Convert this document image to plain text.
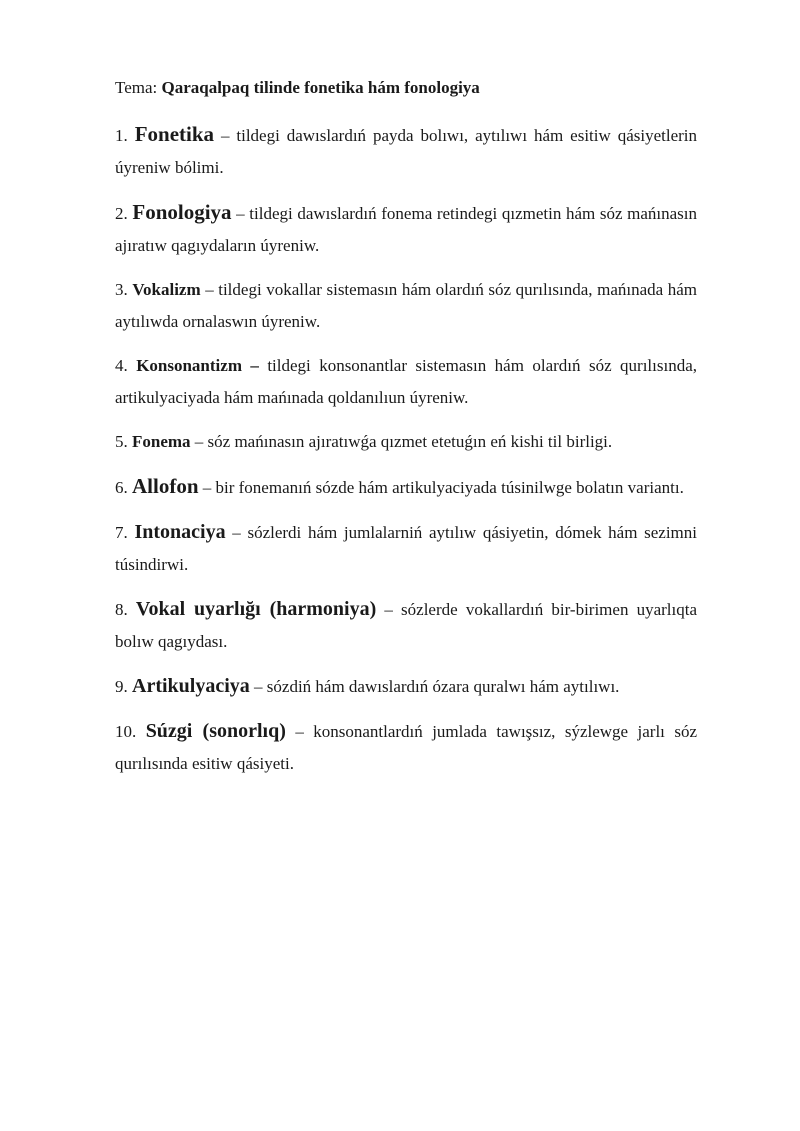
Tema: Qaraqalpaq tilinde fonetika hám fonologiya

1. Fonetika – tildegi dawıslardıń payda bolıwı, aytılıwı hám esitiw qásiyetlerin úyreniw bólimi.

2. Fonologiya – tildegi dawıslardıń fonema retindegi qızmetin hám sóz mańınasın ajıratıw qagıydaların úyreniw.

3. Vokalizm – tildegi vokallar sistemasın hám olardıń sóz qurılısında, mańınada hám aytılıwda ornalaswın úyreniw.

4. Konsonantizm – tildegi konsonantlar sistemasın hám olardıń sóz qurılısında, artikulyaciyada hám mańınada qoldanılıun úyreniw.

5. Fonema – sóz mańınasın ajıratıwǵa qızmet etetuǵın eń kishi til birligi.

6. Allofon – bir fonemanıń sózde hám artikulyaciyada túsinilwge bolatın variantı.

7. Intonaciya – sózlerdi hám jumlalarniń aytılıw qásiyetin, dómek hám sezimni túsindirwi.

8. Vokal uyarlığı (harmoniya) – sózlerde vokallardıń bir-birimen uyarlıqta bolıw qagıydası.

9. Artikulyaciya – sózdiń hám dawıslardıń ózara quralwı hám aytılıwı.

10. Súzgi (sonorlıq) – konsonantlardıń jumlada tawışsız, sýzlewge jarlı sóz qurılısında esitiw qásiyeti.
